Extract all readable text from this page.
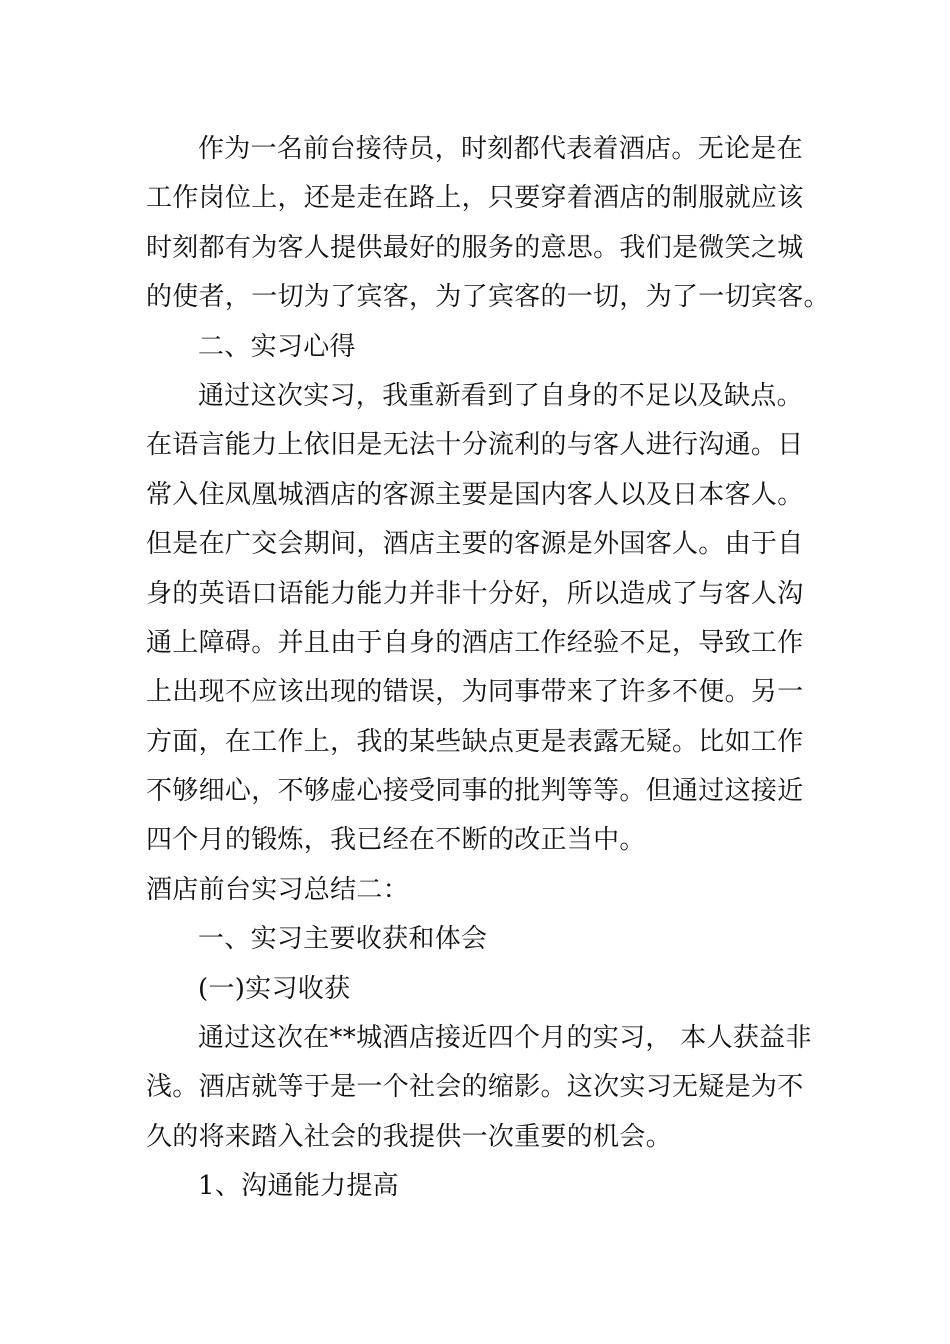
作为一名前台接待员，时刻都代表着酒店。无论是在
工作岗位上，还是走在路上，只要穿着酒店的制服就应该
时刻都有为客人提供最好的服务的意思。我们是微笑之城
的使者，一切为了宾客，为了宾客的一切，为了一切宾客。
二、实习心得
通过这次实习，我重新看到了自身的不足以及缺点。
在语言能力上依旧是无法十分流利的与客人进行沟通。日
常入住凤凰城酒店的客源主要是国内客人以及日本客人。
但是在广交会期间，酒店主要的客源是外国客人。由于自
身的英语口语能力能力并非十分好，所以造成了与客人沟
通上障碍。并且由于自身的酒店工作经验不足，导致工作
上出现不应该出现的错误，为同事带来了许多不便。另一
方面，在工作上，我的某些缺点更是表露无疑。比如工作
不够细心，不够虚心接受同事的批判等等。但通过这接近
四个月的锻炼，我已经在不断的改正当中。
酒店前台实习总结二：
一、实习主要收获和体会
(一)实习收获
通过这次在**城酒店接近四个月的实习， 本人获益非
浅。酒店就等于是一个社会的缩影。这次实习无疑是为不
久的将来踏入社会的我提供一次重要的机会。
1、沟通能力提高
